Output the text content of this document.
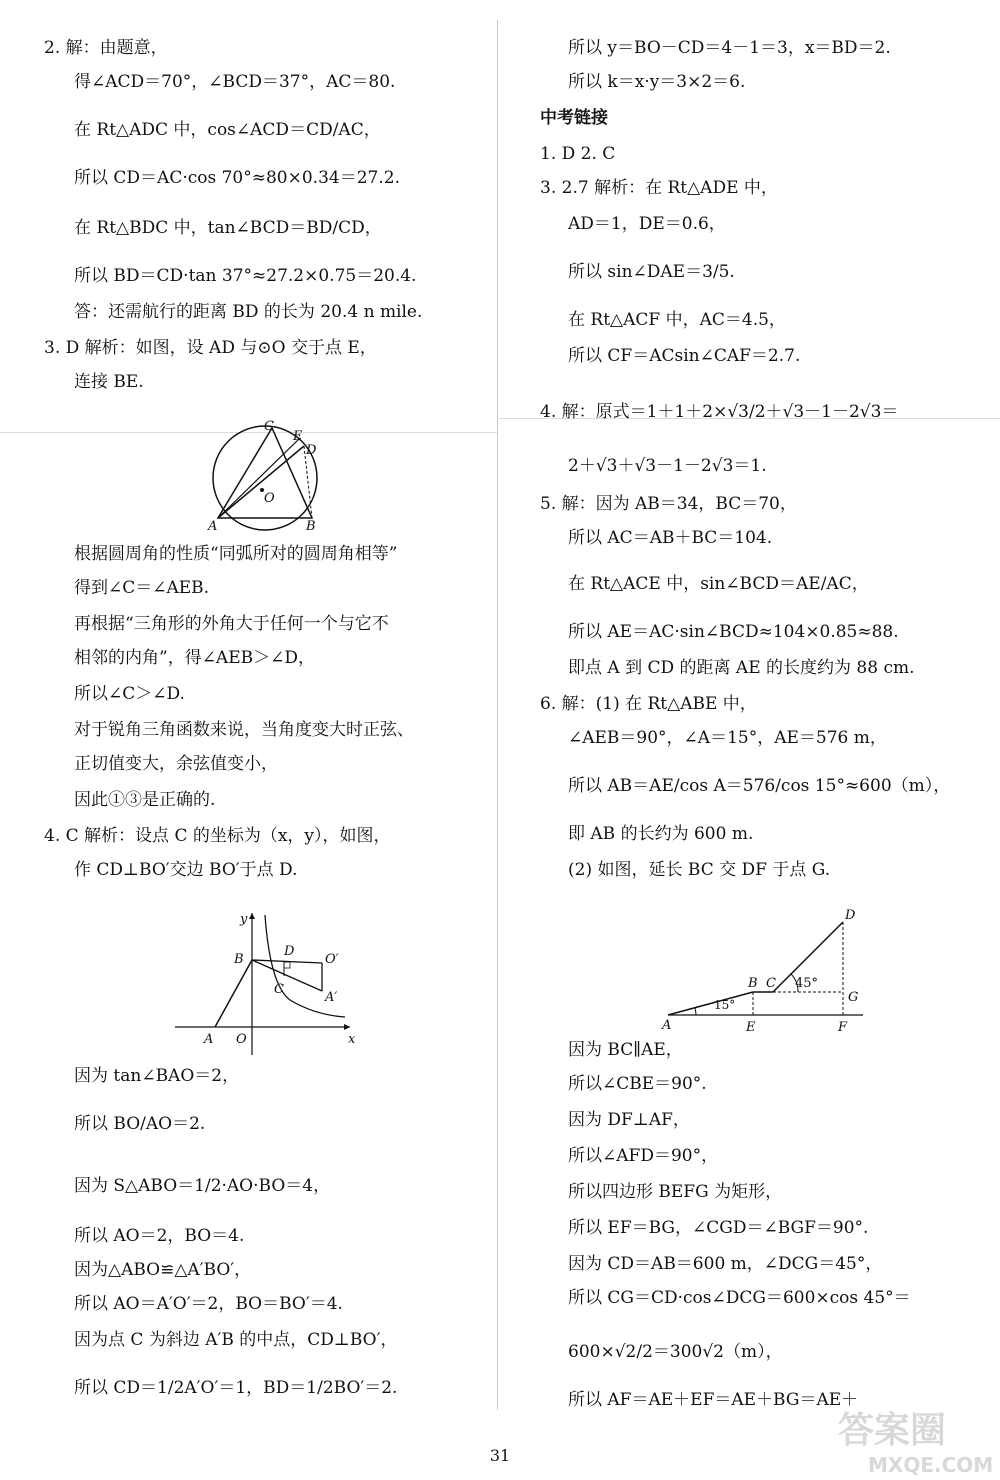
2. 解：由题意，
得∠ACD＝70°，∠BCD＝37°，AC＝80.
在 Rt△ADC 中，cos∠ACD＝CD/AC，
所以 CD＝AC·cos 70°≈80×0.34＝27.2.
在 Rt△BDC 中，tan∠BCD＝BD/CD，
所以 BD＝CD·tan 37°≈27.2×0.75＝20.4.
答：还需航行的距离 BD 的长为 20.4 n mile.
3. D 解析：如图，设 AD 与⊙O 交于点 E，
连接 BE.
根据圆周角的性质“同弧所对的圆周角相等”
得到∠C＝∠AEB.
再根据“三角形的外角大于任何一个与它不
相邻的内角”，得∠AEB＞∠D，
所以∠C＞∠D.
对于锐角三角函数来说，当角度变大时正弦、
正切值变大，余弦值变小，
因此①③是正确的.
4. C 解析：设点 C 的坐标为（x，y），如图，
作 CD⊥BO′交边 BO′于点 D.
因为 tan∠BAO＝2，
所以 BO/AO＝2.
因为 S△ABO＝1/2·AO·BO＝4，
所以 AO＝2，BO＝4.
因为△ABO≌△A′BO′，
所以 AO＝A′O′＝2，BO＝BO′＝4.
因为点 C 为斜边 A′B 的中点，CD⊥BO′，
所以 CD＝1/2A′O′＝1，BD＝1/2BO′＝2.
所以 y＝BO－CD＝4－1＝3，x＝BD＝2.
所以 k＝x·y＝3×2＝6.
中考链接
1. D 2. C
3. 2.7 解析：在 Rt△ADE 中，
AD＝1，DE＝0.6，
所以 sin∠DAE＝3/5.
在 Rt△ACF 中，AC＝4.5，
所以 CF＝ACsin∠CAF＝2.7.
4. 解：原式＝1＋1＋2×√3/2＋√3－1－2√3＝
2＋√3＋√3－1－2√3＝1.
5. 解：因为 AB＝34，BC＝70，
所以 AC＝AB＋BC＝104.
在 Rt△ACE 中，sin∠BCD＝AE/AC，
所以 AE＝AC·sin∠BCD≈104×0.85≈88.
即点 A 到 CD 的距离 AE 的长度约为 88 cm.
6. 解：(1) 在 Rt△ABE 中，
∠AEB＝90°，∠A＝15°，AE＝576 m，
所以 AB＝AE/cos A＝576/cos 15°≈600（m），
即 AB 的长约为 600 m.
(2) 如图，延长 BC 交 DF 于点 G.
因为 BC∥AE，
所以∠CBE＝90°.
因为 DF⊥AF，
所以∠AFD＝90°，
所以四边形 BEFG 为矩形，
所以 EF＝BG，∠CGD＝∠BGF＝90°.
因为 CD＝AB＝600 m，∠DCG＝45°，
所以 CG＝CD·cos∠DCG＝600×cos 45°＝
600×√2/2＝300√2（m），
所以 AF＝AE＋EF＝AE＋BG＝AE＋
C
E
D
O
A	B
y
B
D
O′
C
A′
A O	x
D
B C 45°
G
15°
A	E	F
31
答案圈
MXQE.COM
